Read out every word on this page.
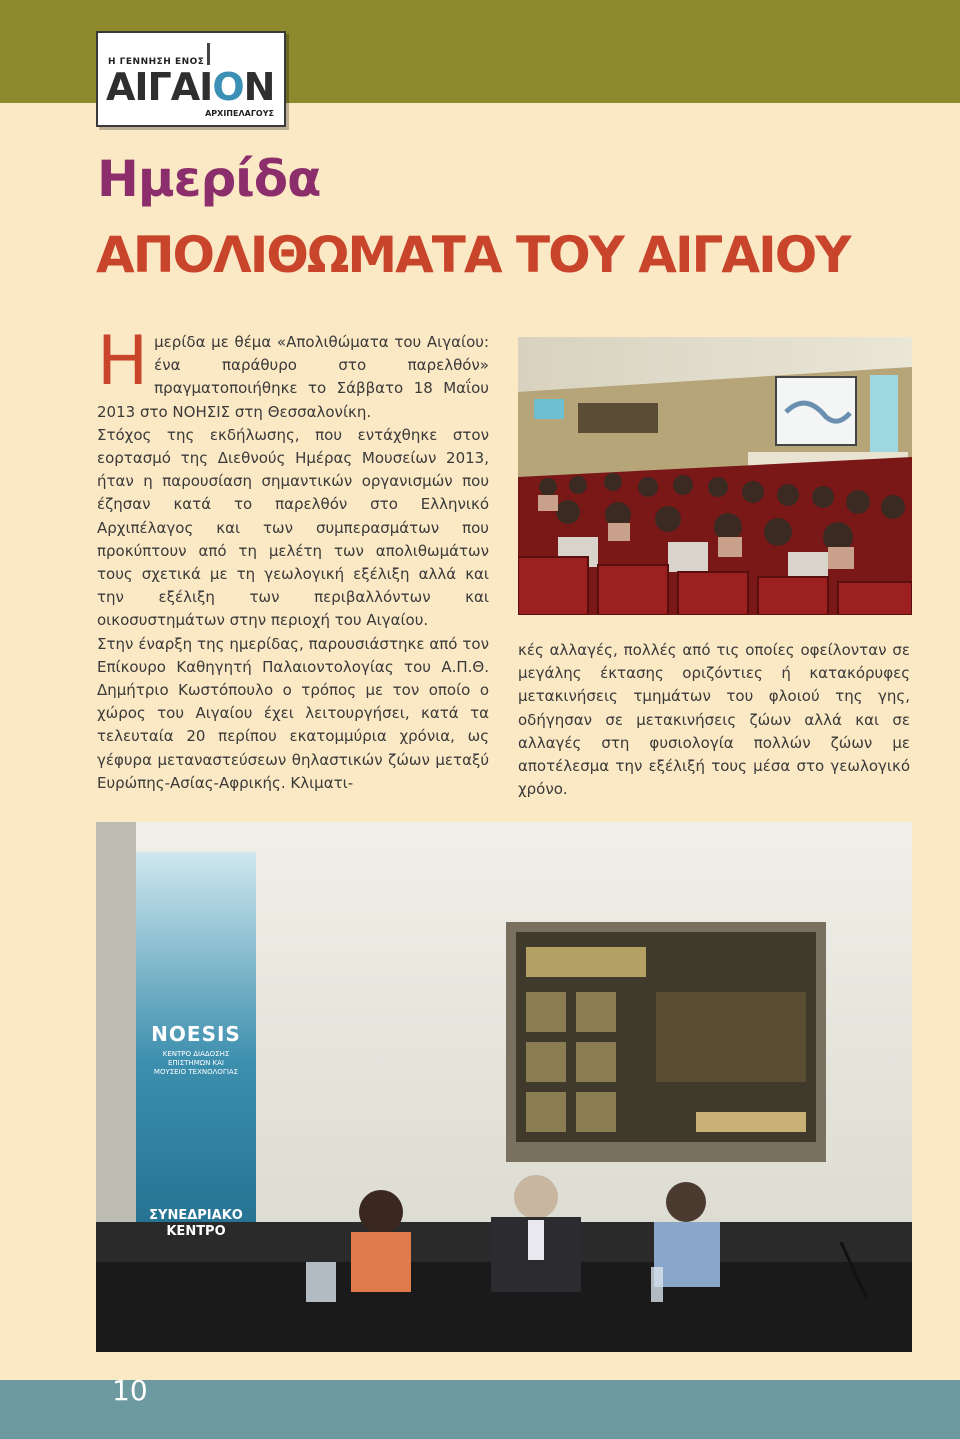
Η ΓΕΝΝΗΣΗ ΕΝΟΣ
ΑΙΓΑΙΟΝ
ΑΡΧΙΠΕΛΑΓΟΥΣ
Ημερίδα
ΑΠΟΛΙΘΩΜΑΤΑ ΤΟΥ ΑΙΓΑΙΟΥ

Ημερίδα με θέμα «Απολιθώματα του Αιγαίου: ένα παράθυρο στο παρελθόν» πραγματοποιήθηκε το Σάββατο 18 Μαΐου 2013 στο ΝΟΗΣΙΣ στη Θεσσαλονίκη.

Στόχος της εκδήλωσης, που εντάχθηκε στον εορτασμό της Διεθνούς Ημέρας Μουσείων 2013, ήταν η παρουσίαση σημαντικών οργανισμών που έζησαν κατά το παρελθόν στο Ελληνικό Αρχιπέλαγος και των συμπερασμάτων που προκύπτουν από τη μελέτη των απολιθωμάτων τους σχετικά με τη γεωλογική εξέλιξη αλλά και την εξέλιξη των περιβαλλόντων και οικοσυστημάτων στην περιοχή του Αιγαίου.

Στην έναρξη της ημερίδας, παρουσιάστηκε από τον Επίκουρο Καθηγητή Παλαιοντολογίας του Α.Π.Θ. Δημήτριο Κωστόπουλο ο τρόπος με τον οποίο ο χώρος του Αιγαίου έχει λειτουργήσει, κατά τα τελευταία 20 περίπου εκατομμύρια χρόνια, ως γέφυρα μεταναστεύσεων θηλαστικών ζώων μεταξύ Ευρώπης-Ασίας-Αφρικής. Κλιματι-

κές αλλαγές, πολλές από τις οποίες οφείλονταν σε μεγάλης έκτασης οριζόντιες ή κατακόρυφες μετακινήσεις τμημάτων του φλοιού της γης, οδήγησαν σε μετακινήσεις ζώων αλλά και σε αλλαγές στη φυσιολογία πολλών ζώων με αποτέλεσμα την εξέλιξή τους μέσα στο γεωλογικό χρόνο.

NOESIS
ΚΕΝΤΡΟ ΔΙΑΔΟΣΗΣ
ΕΠΙΣΤΗΜΩΝ ΚΑΙ
ΜΟΥΣΕΙΟ ΤΕΧΝΟΛΟΓΙΑΣ
ΣΥΝΕΔΡΙΑΚΟ
ΚΕΝΤΡΟ
10
